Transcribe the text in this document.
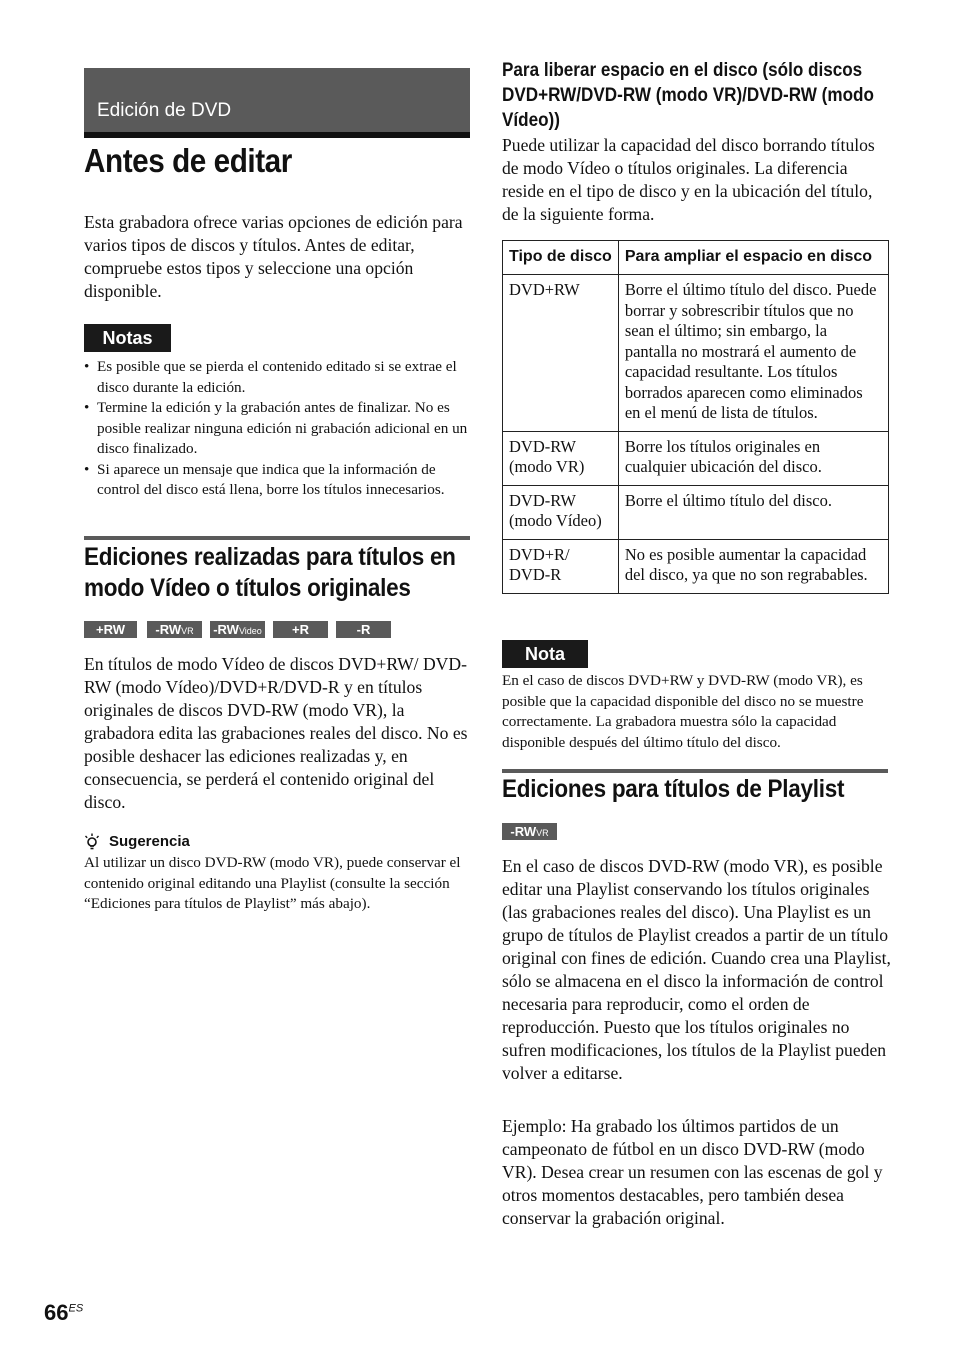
Edición de DVD
Antes de editar
Esta grabadora ofrece varias opciones de edición para varios tipos de discos y títulos. Antes de editar, compruebe estos tipos y seleccione una opción disponible.
Notas
• Es posible que se pierda el contenido editado si se extrae el disco durante la edición.
• Termine la edición y la grabación antes de finalizar. No es posible realizar ninguna edición ni grabación adicional en un disco finalizado.
• Si aparece un mensaje que indica que la información de control del disco está llena, borre los títulos innecesarios.
Ediciones realizadas para títulos en modo Vídeo o títulos originales
+RW	-RWVR	-RWVideo	+R	-R
En títulos de modo Vídeo de discos DVD+RW/ DVD-RW (modo Vídeo)/DVD+R/DVD-R y en títulos originales de discos DVD-RW (modo VR), la grabadora edita las grabaciones reales del disco. No es posible deshacer las ediciones realizadas y, en consecuencia, se perderá el contenido original del disco.
Sugerencia
Al utilizar un disco DVD-RW (modo VR), puede conservar el contenido original editando una Playlist (consulte la sección “Ediciones para títulos de Playlist” más abajo).
Para liberar espacio en el disco (sólo discos DVD+RW/DVD-RW (modo VR)/DVD-RW (modo Vídeo))
Puede utilizar la capacidad del disco borrando títulos de modo Vídeo o títulos originales. La diferencia reside en el tipo de disco y en la ubicación del título, de la siguiente forma.
Tipo de disco	Para ampliar el espacio en disco
DVD+RW	Borre el último título del disco. Puede borrar y sobrescribir títulos que no sean el último; sin embargo, la pantalla no mostrará el aumento de capacidad resultante. Los títulos borrados aparecen como eliminados en el menú de lista de títulos.
DVD-RW (modo VR)	Borre los títulos originales en cualquier ubicación del disco.
DVD-RW (modo Vídeo)	Borre el último título del disco.
DVD+R/ DVD-R	No es posible aumentar la capacidad del disco, ya que no son regrabables.
Nota
En el caso de discos DVD+RW y DVD-RW (modo VR), es posible que la capacidad disponible del disco no se muestre correctamente. La grabadora muestra sólo la capacidad disponible después del último título del disco.
Ediciones para títulos de Playlist
-RWVR
En el caso de discos DVD-RW (modo VR), es posible editar una Playlist conservando los títulos originales (las grabaciones reales del disco). Una Playlist es un grupo de títulos de Playlist creados a partir de un título original con fines de edición. Cuando crea una Playlist, sólo se almacena en el disco la información de control necesaria para reproducir, como el orden de reproducción. Puesto que los títulos originales no sufren modificaciones, los títulos de la Playlist pueden volver a editarse.
Ejemplo: Ha grabado los últimos partidos de un campeonato de fútbol en un disco DVD-RW (modo VR). Desea crear un resumen con las escenas de gol y otros momentos destacables, pero también desea conservar la grabación original.
$66^{ES}$
